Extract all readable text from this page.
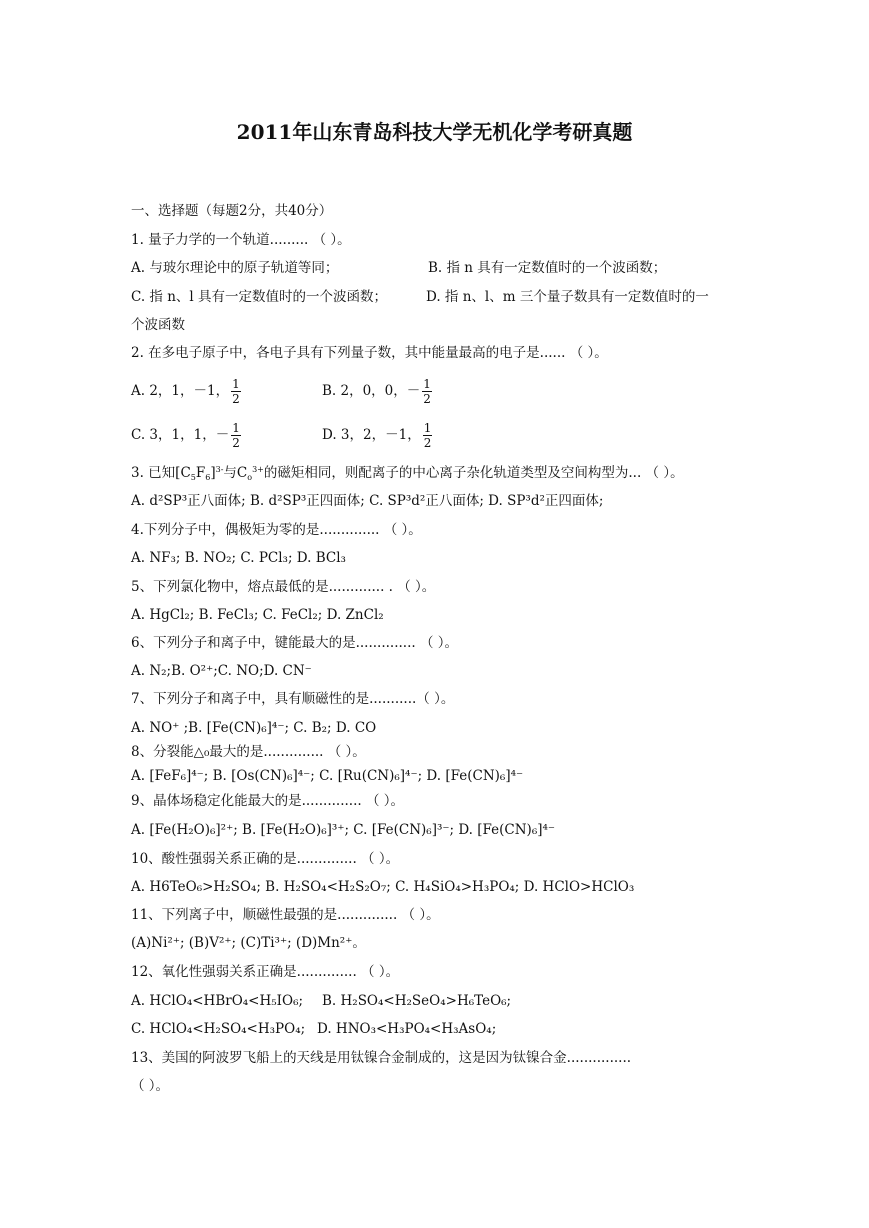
2011年山东青岛科技大学无机化学考研真题
一、选择题（每题2分，共40分）
1. 量子力学的一个轨道......... （ ）。
A. 与玻尔理论中的原子轨道等同；	B. 指 n 具有一定数值时的一个波函数；
C. 指 n、l 具有一定数值时的一个波函数；	D. 指 n、l、m 三个量子数具有一定数值时的一
个波函数
2. 在多电子原子中，各电子具有下列量子数，其中能量最高的电子是...... （ ）。
A. 2，1，－1， $\frac{1}{2}$	B. 2，0，0，－ $\frac{1}{2}$
C. 3，1，1，－ $\frac{1}{2}$	D. 3，2，－1， $\frac{1}{2}$
3. 已知$[C_5F_6]^{3-}$与$C_o^{3+}$的磁矩相同，则配离子的中心离子杂化轨道类型及空间构型为... （ ）。
A. d²SP³正八面体; B. d²SP³正四面体; C. SP³d²正八面体; D. SP³d²正四面体;
4.下列分子中，偶极矩为零的是.............. （ ）。
A. NF₃; B. NO₂; C. PCl₃; D. BCl₃
5、下列氯化物中，熔点最低的是............. . （ ）。
A. HgCl₂; B. FeCl₃; C. FeCl₂; D. ZnCl₂
6、下列分子和离子中，键能最大的是.............. （ ）。
A. N₂;B. O²⁺;C. NO;D. CN⁻
7、下列分子和离子中，具有顺磁性的是...........（ ）。
A. NO⁺ ;B. [Fe(CN)₆]⁴⁻; C. B₂; D. CO
8、分裂能△₀最大的是.............. （ ）。
A. [FeF₆]⁴⁻; B. [Os(CN)₆]⁴⁻; C. [Ru(CN)₆]⁴⁻; D. [Fe(CN)₆]⁴⁻
9、晶体场稳定化能最大的是.............. （ ）。
A. [Fe(H₂O)₆]²⁺; B. [Fe(H₂O)₆]³⁺; C. [Fe(CN)₆]³⁻; D. [Fe(CN)₆]⁴⁻
10、酸性强弱关系正确的是.............. （ ）。
A. H6TeO₆>H₂SO₄; B. H₂SO₄<H₂S₂O₇; C. H₄SiO₄>H₃PO₄; D. HClO>HClO₃
11、下列离子中，顺磁性最强的是.............. （ ）。
(A)Ni²⁺; (B)V²⁺; (C)Ti³⁺; (D)Mn²⁺。
12、氧化性强弱关系正确是.............. （ ）。
A. HClO₄<HBrO₄<H₅IO₆; B. H₂SO₄<H₂SeO₄>H₆TeO₆;
C. HClO₄<H₂SO₄<H₃PO₄; D. HNO₃<H₃PO₄<H₃AsO₄;
13、美国的阿波罗飞船上的天线是用钛镍合金制成的，这是因为钛镍合金...............
（ ）。
